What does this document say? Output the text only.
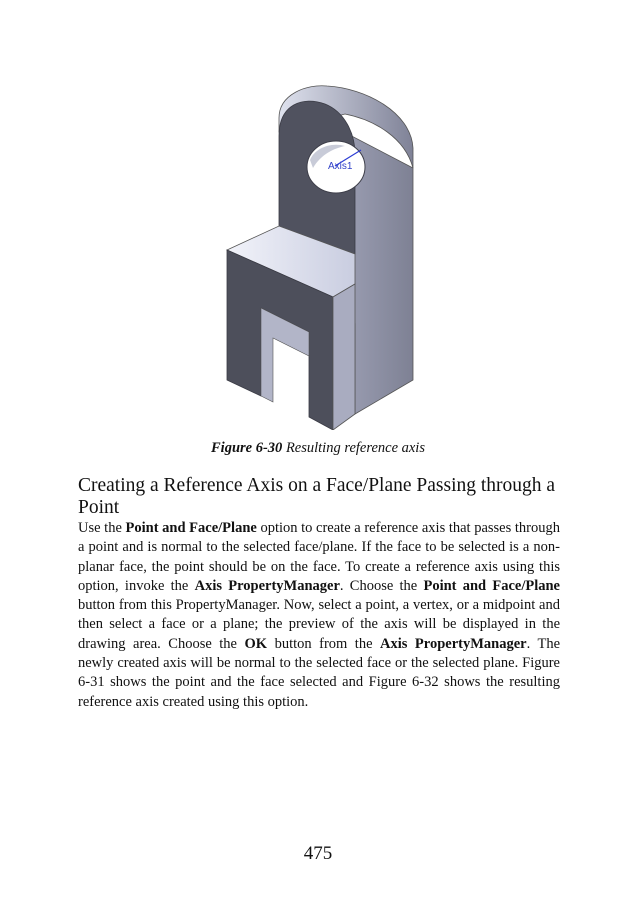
Axis1
Figure 6-30 Resulting reference axis
Creating a Reference Axis on a Face/Plane Passing through a Point

Use the Point and Face/Plane option to create a reference axis that passes through a point and is normal to the selected face/plane. If the face to be selected is a non-planar face, the point should be on the face. To create a reference axis using this option, invoke the Axis PropertyManager. Choose the Point and Face/Plane button from this PropertyManager. Now, select a point, a vertex, or a midpoint and then select a face or a plane; the preview of the axis will be displayed in the drawing area. Choose the OK button from the Axis PropertyManager. The newly created axis will be normal to the selected face or the selected plane. Figure 6-31 shows the point and the face selected and Figure 6-32 shows the resulting reference axis created using this option.

475
